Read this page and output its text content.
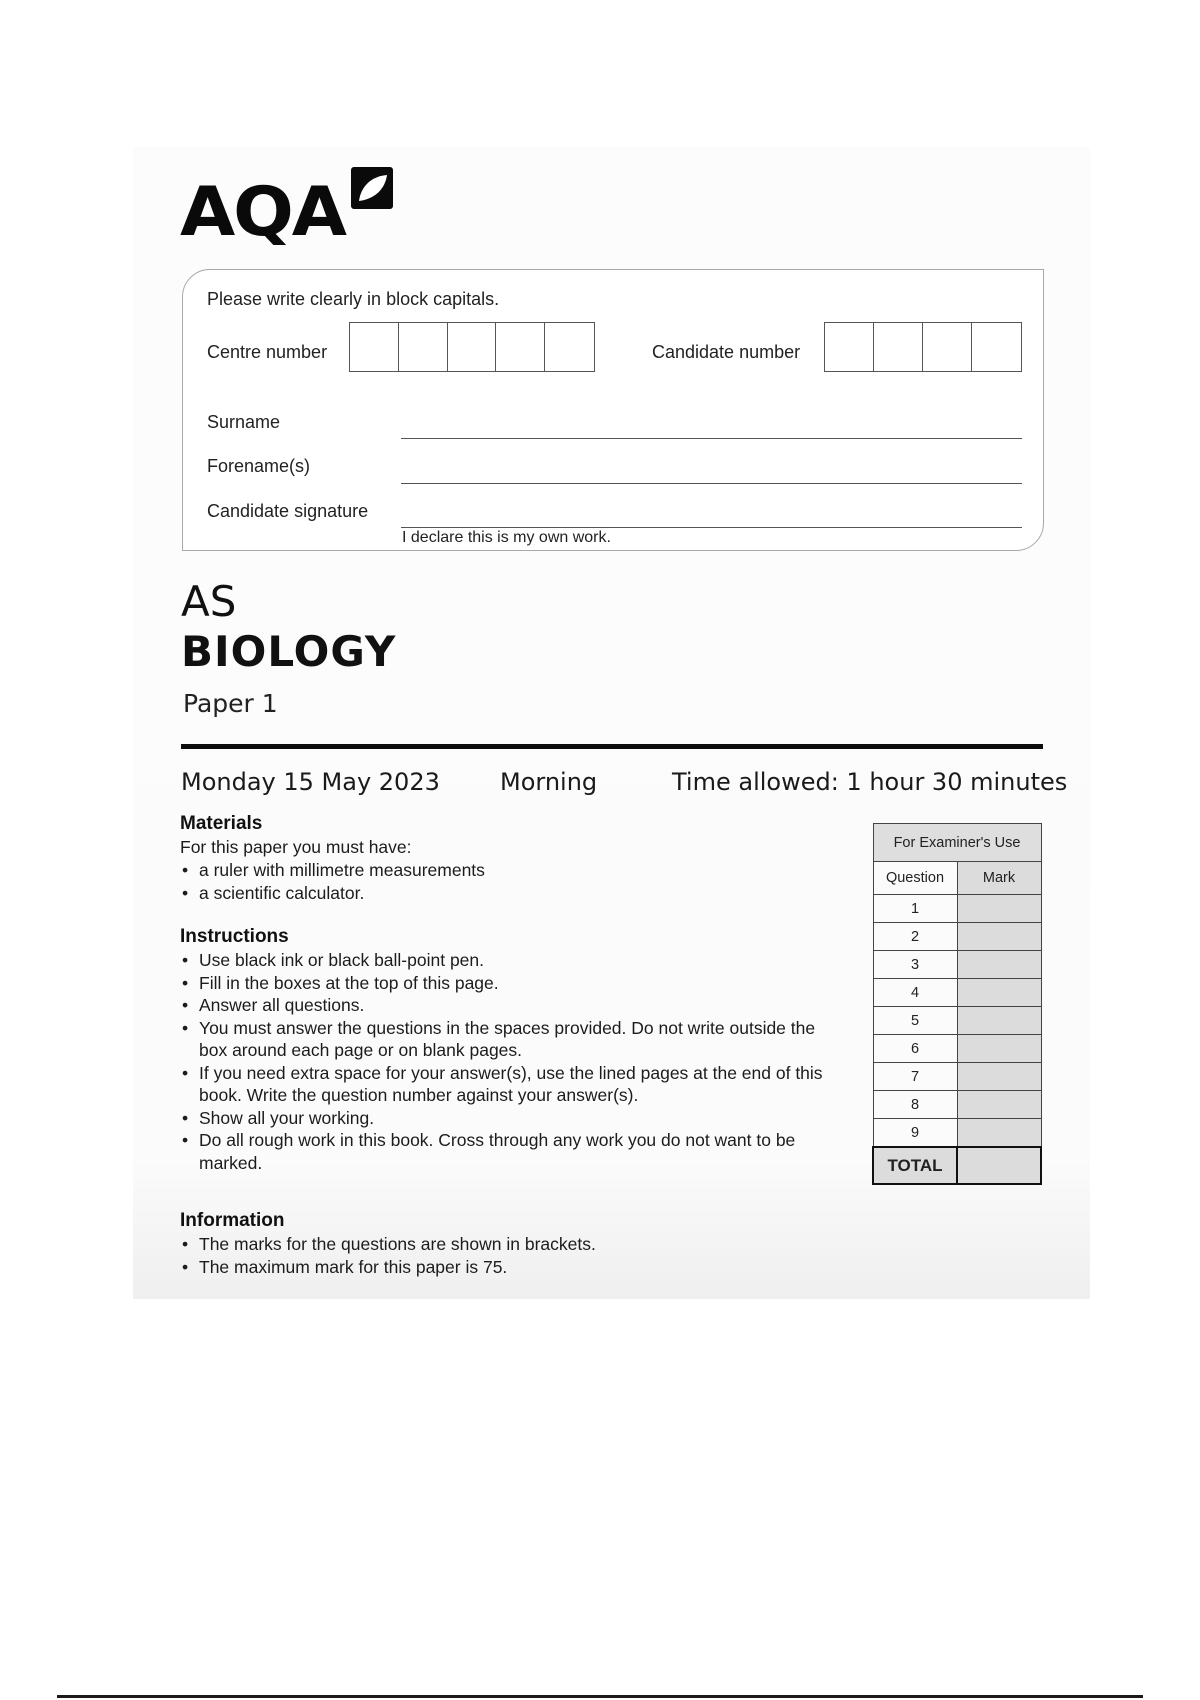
AQA
Please write clearly in block capitals.
Centre number	Candidate number
Surname
Forename(s)
Candidate signature
I declare this is my own work.
AS
BIOLOGY
Paper 1
Monday 15 May 2023	Morning	Time allowed: 1 hour 30 minutes
Materials

For this paper you must have:

• a ruler with millimetre measurements
• a scientific calculator.
Instructions
• Use black ink or black ball-point pen.
• Fill in the boxes at the top of this page.
• Answer all questions.
• You must answer the questions in the spaces provided. Do not write outside the box around each page or on blank pages.
• If you need extra space for your answer(s), use the lined pages at the end of this book. Write the question number against your answer(s).
• Show all your working.
• Do all rough work in this book. Cross through any work you do not want to be marked.
Information
• The marks for the questions are shown in brackets.
• The maximum mark for this paper is 75.
For Examiner's Use	
Question	Mark
1	
2	
3	
4	
5	
6	
7	
8	
9	
TOTAL	
